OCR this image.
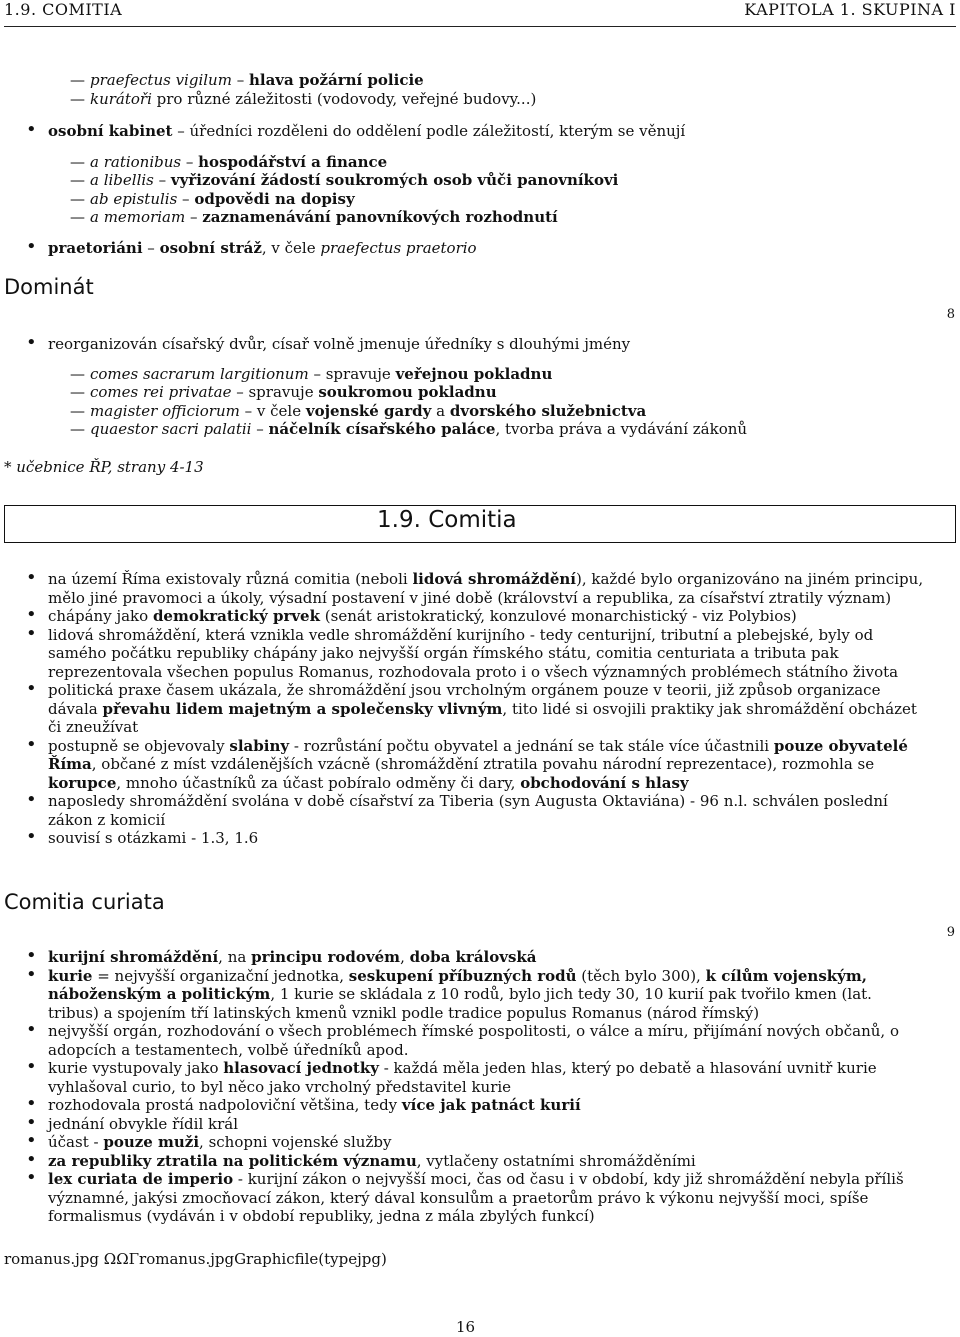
1.9. COMITIA	KAPITOLA 1. SKUPINA I
— praefectus vigilum – hlava požární policie
— kurátoři pro různé záležitosti (vodovody, veřejné budovy...)
• osobní kabinet – úředníci rozděleni do oddělení podle záležitostí, kterým se věnují
— a rationibus – hospodářství a finance
— a libellis – vyřizování žádostí soukromých osob vůči panovníkovi
— ab epistulis – odpovědi na dopisy
— a memoriam – zaznamenávání panovníkových rozhodnutí
• praetoriáni – osobní stráž, v čele praefectus praetorio
Dominát
8
• reorganizován císařský dvůr, císař volně jmenuje úředníky s dlouhými jmény
— comes sacrarum largitionum – spravuje veřejnou pokladnu
— comes rei privatae – spravuje soukromou pokladnu
— magister officiorum – v čele vojenské gardy a dvorského služebnictva
— quaestor sacri palatii – náčelník císařského paláce, tvorba práva a vydávání zákonů
* učebnice ŘP, strany 4-13
1.9. Comitia
• na území Říma existovaly různá comitia (neboli lidová shromáždění), každé bylo organizováno na jiném principu, mělo jiné pravomoci a úkoly, výsadní postavení v jiné době (království a republika, za císařství ztratily význam)
• chápány jako demokratický prvek (senát aristokratický, konzulové monarchistický - viz Polybios)
• lidová shromáždění, která vznikla vedle shromáždění kurijního - tedy centurijní, tributní a plebejské, byly od samého počátku republiky chápány jako nejvyšší orgán římského státu, comitia centuriata a tributa pak reprezentovala všechen populus Romanus, rozhodovala proto i o všech významných problémech státního života
• politická praxe časem ukázala, že shromáždění jsou vrcholným orgánem pouze v teorii, již způsob organizace dávala převahu lidem majetným a společensky vlivným, tito lidé si osvojili praktiky jak shromáždění obcházet či zneužívat
• postupně se objevovaly slabiny - rozrůstání počtu obyvatel a jednání se tak stále více účastnili pouze obyvatelé Říma, občané z míst vzdálenějších vzácně (shromáždění ztratila povahu národní reprezentace), rozmohla se korupce, mnoho účastníků za účast pobíralo odměny či dary, obchodování s hlasy
• naposledy shromáždění svolána v době císařství za Tiberia (syn Augusta Oktaviána) - 96 n.l. schválen poslední zákon z komicií
• souvisí s otázkami - 1.3, 1.6
Comitia curiata
9
• kurijní shromáždění, na principu rodovém, doba královská
• kurie = nejvyšší organizační jednotka, seskupení příbuzných rodů (těch bylo 300), k cílům vojenským, náboženským a politickým, 1 kurie se skládala z 10 rodů, bylo jich tedy 30, 10 kurií pak tvořilo kmen (lat. tribus) a spojením tří latinských kmenů vznikl podle tradice populus Romanus (národ římský)
• nejvyšší orgán, rozhodování o všech problémech římské pospolitosti, o válce a míru, přijímání nových občanů, o adopcích a testamentech, volbě úředníků apod.
• kurie vystupovaly jako hlasovací jednotky - každá měla jeden hlas, který po debatě a hlasování uvnitř kurie vyhlašoval curio, to byl něco jako vrcholný představitel kurie
• rozhodovala prostá nadpoloviční většina, tedy více jak patnáct kurií
• jednání obvykle řídil král
• účast - pouze muži, schopni vojenské služby
• za republiky ztratila na politickém významu, vytlačeny ostatními shromážděními
• lex curiata de imperio - kurijní zákon o nejvyšší moci, čas od času i v období, kdy již shromáždění nebyla příliš významné, jakýsi zmocňovací zákon, který dával konsulům a praetorům právo k výkonu nejvyšší moci, spíše formalismus (vydáván i v období republiky, jedna z mála zbylých funkcí)
romanus.jpg ΩΩΓromanus.jpgGraphicfile(typejpg)
16
